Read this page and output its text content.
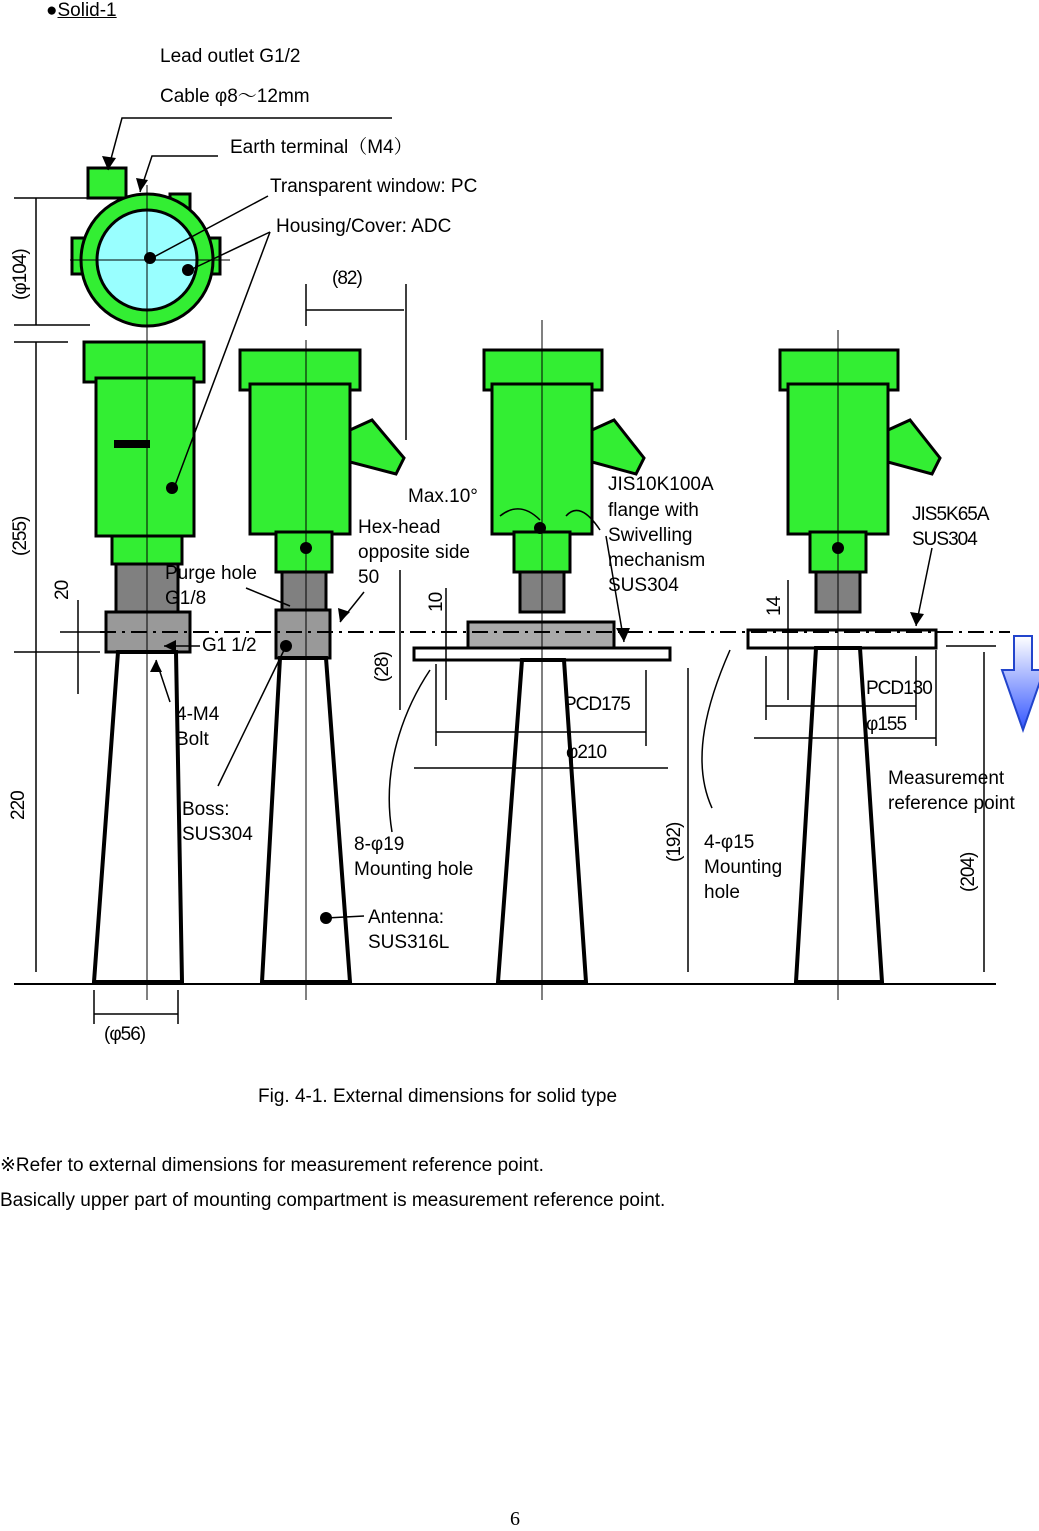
●Solid-1
Lead outlet G1/2
Cable φ8～12mm
Earth terminal（M4）
Transparent window: PC
Housing/Cover: ADC
Max.10°
Hex-head
opposite side
50
Purge hole
G1/8
G1 1/2
4-M4
Bolt
Boss:
SUS304
JIS10K100A
flange with
Swivelling
mechanism
SUS304
JIS5K65A
SUS304
8-φ19
Mounting hole
Antenna:
SUS316L
4-φ15
Mounting
hole
Measurement
reference point
(φ104)	(82)
(255)
20
220
(φ56)
10
(28)
PCD175
φ210
(192)
14
PCD130
φ155
(204)
Fig. 4-1. External dimensions for solid type
※Refer to external dimensions for measurement reference point.
Basically upper part of mounting compartment is measurement reference point.
6
